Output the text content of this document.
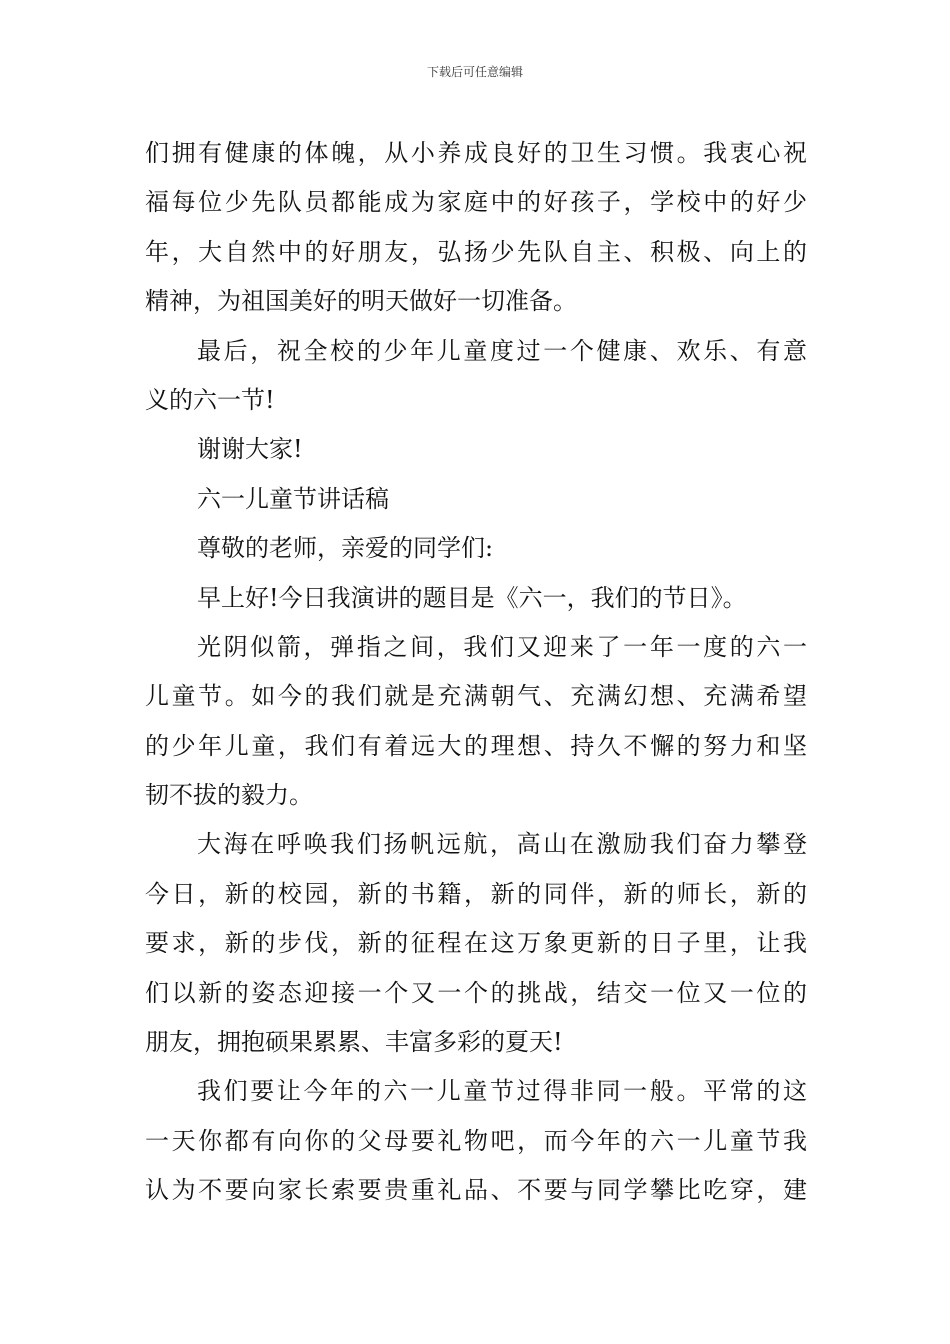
下载后可任意编辑
们拥有健康的体魄，从小养成良好的卫生习惯。我衷心祝
福每位少先队员都能成为家庭中的好孩子，学校中的好少
年，大自然中的好朋友，弘扬少先队自主、积极、向上的
精神，为祖国美好的明天做好一切准备。
最后，祝全校的少年儿童度过一个健康、欢乐、有意
义的六一节!
谢谢大家!
六一儿童节讲话稿
尊敬的老师，亲爱的同学们:
早上好!今日我演讲的题目是《六一，我们的节日》。
光阴似箭，弹指之间，我们又迎来了一年一度的六一
儿童节。如今的我们就是充满朝气、充满幻想、充满希望
的少年儿童，我们有着远大的理想、持久不懈的努力和坚
韧不拔的毅力。
大海在呼唤我们扬帆远航，高山在激励我们奋力攀登
今日，新的校园，新的书籍，新的同伴，新的师长，新的
要求，新的步伐，新的征程在这万象更新的日子里，让我
们以新的姿态迎接一个又一个的挑战，结交一位又一位的
朋友，拥抱硕果累累、丰富多彩的夏天!
我们要让今年的六一儿童节过得非同一般。平常的这
一天你都有向你的父母要礼物吧，而今年的六一儿童节我
认为不要向家长索要贵重礼品、不要与同学攀比吃穿，建
